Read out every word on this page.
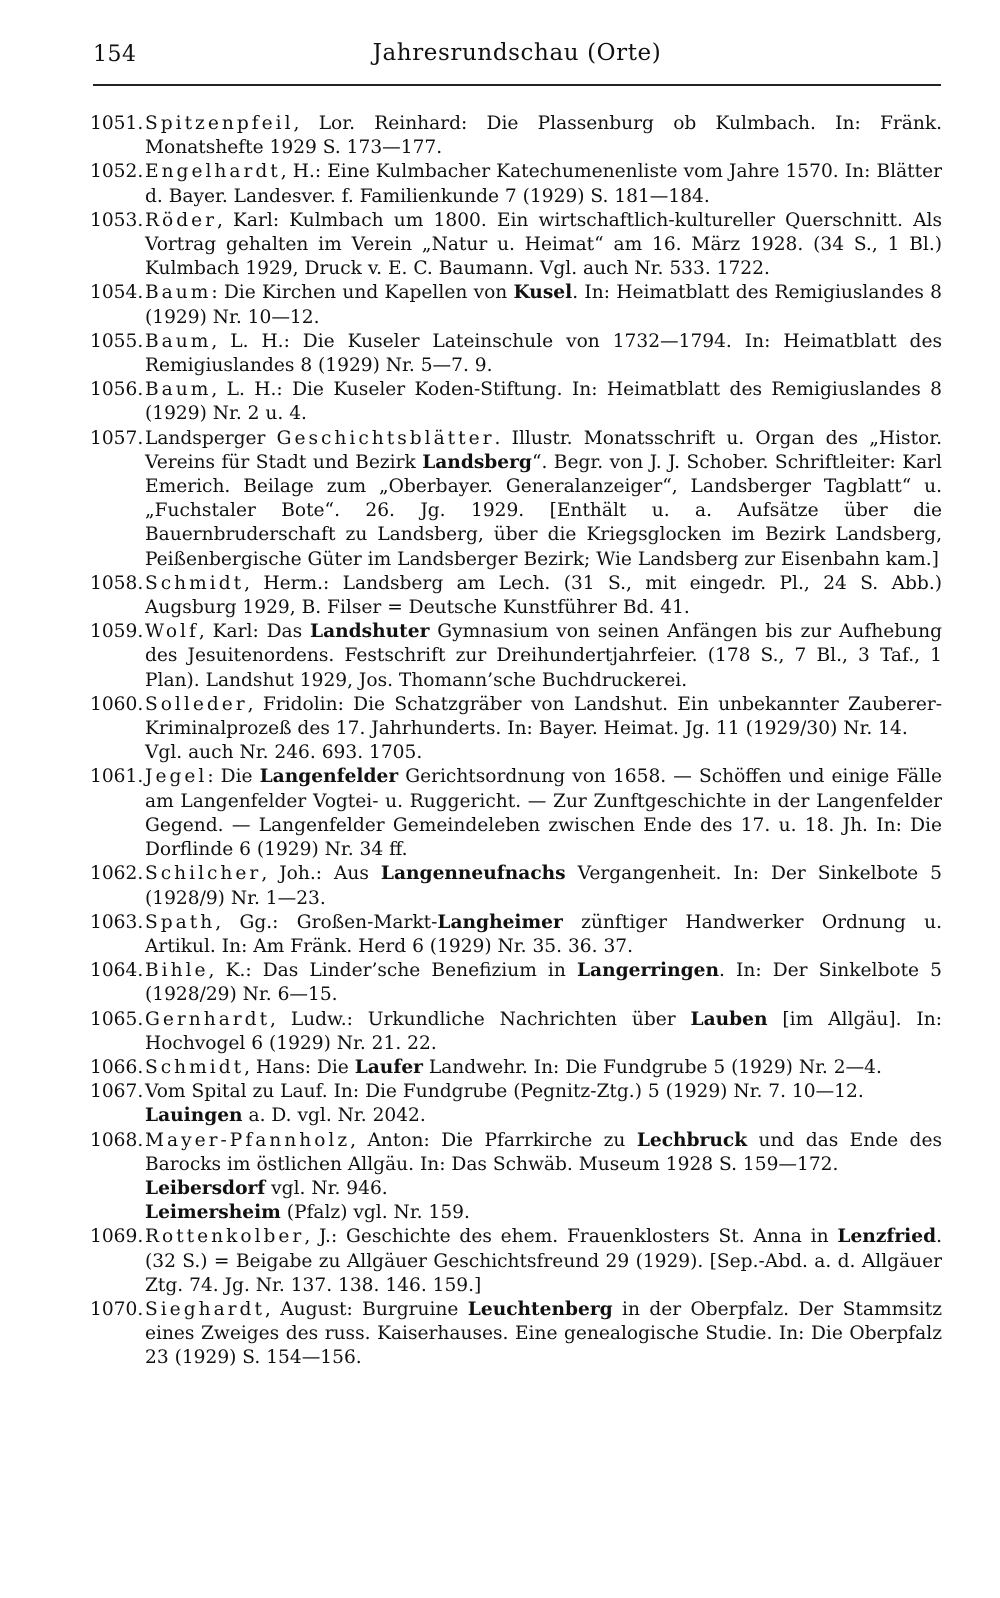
154	Jahresrundschau (Orte)

1051. Spitzenpfeil, Lor. Reinhard: Die Plassenburg ob Kulmbach. In: Fränk. Monatshefte 1929 S. 173—177.

1052. Engelhardt, H.: Eine Kulmbacher Katechumenenliste vom Jahre 1570. In: Blätter d. Bayer. Landesver. f. Familienkunde 7 (1929) S. 181—184.

1053. Röder, Karl: Kulmbach um 1800. Ein wirtschaftlich-kultureller Querschnitt. Als Vortrag gehalten im Verein „Natur u. Heimat“ am 16. März 1928. (34 S., 1 Bl.) Kulmbach 1929, Druck v. E. C. Baumann. Vgl. auch Nr. 533. 1722.

1054. Baum: Die Kirchen und Kapellen von Kusel. In: Heimatblatt des Remigiuslandes 8 (1929) Nr. 10—12.

1055. Baum, L. H.: Die Kuseler Lateinschule von 1732—1794. In: Heimatblatt des Remigiuslandes 8 (1929) Nr. 5—7. 9.

1056. Baum, L. H.: Die Kuseler Koden-Stiftung. In: Heimatblatt des Remigiuslandes 8 (1929) Nr. 2 u. 4.

1057. Landsperger Geschichtsblätter. Illustr. Monatsschrift u. Organ des „Histor. Vereins für Stadt und Bezirk Landsberg“. Begr. von J. J. Schober. Schriftleiter: Karl Emerich. Beilage zum „Oberbayer. Generalanzeiger“, Landsberger Tagblatt“ u. „Fuchstaler Bote“. 26. Jg. 1929. [Enthält u. a. Aufsätze über die Bauernbruderschaft zu Landsberg, über die Kriegsglocken im Bezirk Landsberg, Peißenbergische Güter im Landsberger Bezirk; Wie Landsberg zur Eisenbahn kam.]

1058. Schmidt, Herm.: Landsberg am Lech. (31 S., mit eingedr. Pl., 24 S. Abb.) Augsburg 1929, B. Filser = Deutsche Kunstführer Bd. 41.

1059. Wolf, Karl: Das Landshuter Gymnasium von seinen Anfängen bis zur Aufhebung des Jesuitenordens. Festschrift zur Dreihundertjahrfeier. (178 S., 7 Bl., 3 Taf., 1 Plan). Landshut 1929, Jos. Thomann’sche Buchdruckerei.

1060. Solleder, Fridolin: Die Schatzgräber von Landshut. Ein unbekannter Zauberer-Kriminalprozeß des 17. Jahrhunderts. In: Bayer. Heimat. Jg. 11 (1929/30) Nr. 14.

Vgl. auch Nr. 246. 693. 1705.

1061. Jegel: Die Langenfelder Gerichtsordnung von 1658. — Schöffen und einige Fälle am Langenfelder Vogtei- u. Ruggericht. — Zur Zunftgeschichte in der Langenfelder Gegend. — Langenfelder Gemeindeleben zwischen Ende des 17. u. 18. Jh. In: Die Dorflinde 6 (1929) Nr. 34 ff.

1062. Schilcher, Joh.: Aus Langenneufnachs Vergangenheit. In: Der Sinkelbote 5 (1928/9) Nr. 1—23.

1063. Spath, Gg.: Großen-Markt-Langheimer zünftiger Handwerker Ordnung u. Artikul. In: Am Fränk. Herd 6 (1929) Nr. 35. 36. 37.

1064. Bihle, K.: Das Linder’sche Benefizium in Langerringen. In: Der Sinkelbote 5 (1928/29) Nr. 6—15.

1065. Gernhardt, Ludw.: Urkundliche Nachrichten über Lauben [im Allgäu]. In: Hochvogel 6 (1929) Nr. 21. 22.

1066. Schmidt, Hans: Die Laufer Landwehr. In: Die Fundgrube 5 (1929) Nr. 2—4.

1067. Vom Spital zu Lauf. In: Die Fundgrube (Pegnitz-Ztg.) 5 (1929) Nr. 7. 10—12.

Lauingen a. D. vgl. Nr. 2042.

1068. Mayer-Pfannholz, Anton: Die Pfarrkirche zu Lechbruck und das Ende des Barocks im östlichen Allgäu. In: Das Schwäb. Museum 1928 S. 159—172.

Leibersdorf vgl. Nr. 946.

Leimersheim (Pfalz) vgl. Nr. 159.

1069. Rottenkolber, J.: Geschichte des ehem. Frauenklosters St. Anna in Lenzfried. (32 S.) = Beigabe zu Allgäuer Geschichtsfreund 29 (1929). [Sep.-Abd. a. d. Allgäuer Ztg. 74. Jg. Nr. 137. 138. 146. 159.]

1070. Sieghardt, August: Burgruine Leuchtenberg in der Oberpfalz. Der Stammsitz eines Zweiges des russ. Kaiserhauses. Eine genealogische Studie. In: Die Oberpfalz 23 (1929) S. 154—156.
